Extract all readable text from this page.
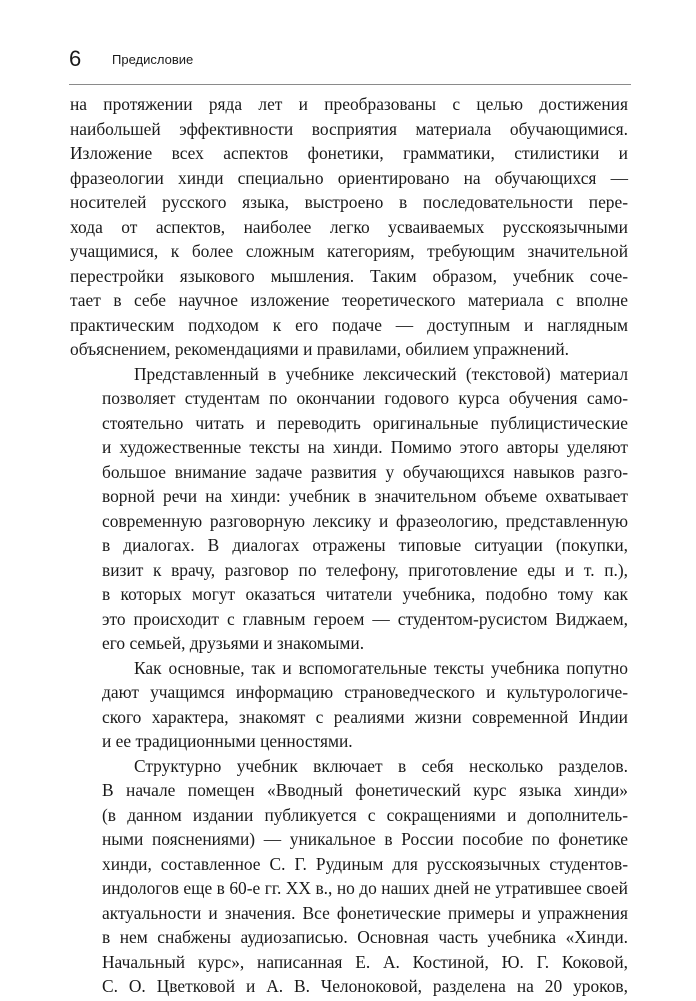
6 Предисловие

на протяжении ряда лет и преобразованы с целью достижения
наибольшей эффективности восприятия материала обучающимися.
Изложение всех аспектов фонетики, грамматики, стилистики и
фразеологии хинди специально ориентировано на обучающихся —
носителей русского языка, выстроено в последовательности пере-
хода от аспектов, наиболее легко усваиваемых русскоязычными
учащимися, к более сложным категориям, требующим значительной
перестройки языкового мышления. Таким образом, учебник соче-
тает в себе научное изложение теоретического материала с вполне
практическим подходом к его подаче — доступным и наглядным
объяснением, рекомендациями и правилами, обилием упражнений.

Представленный в учебнике лексический (текстовой) материал
позволяет студентам по окончании годового курса обучения само-
стоятельно читать и переводить оригинальные публицистические
и художественные тексты на хинди. Помимо этого авторы уделяют
большое внимание задаче развития у обучающихся навыков разго-
ворной речи на хинди: учебник в значительном объеме охватывает
современную разговорную лексику и фразеологию, представленную
в диалогах. В диалогах отражены типовые ситуации (покупки,
визит к врачу, разговор по телефону, приготовление еды и т. п.),
в которых могут оказаться читатели учебника, подобно тому как
это происходит с главным героем — студентом-русистом Виджаем,
его семьей, друзьями и знакомыми.

Как основные, так и вспомогательные тексты учебника попутно
дают учащимся информацию страноведческого и культурологиче-
ского характера, знакомят с реалиями жизни современной Индии
и ее традиционными ценностями.

Структурно учебник включает в себя несколько разделов.
В начале помещен «Вводный фонетический курс языка хинди»
(в данном издании публикуется с сокращениями и дополнитель-
ными пояснениями) — уникальное в России пособие по фонетике
хинди, составленное С. Г. Рудиным для русскоязычных студентов-
индологов еще в 60-е гг. XX в., но до наших дней не утратившее своей
актуальности и значения. Все фонетические примеры и упражнения
в нем снабжены аудиозаписью. Основная часть учебника «Хинди.
Начальный курс», написанная Е. А. Костиной, Ю. Г. Коковой,
С. О. Цветковой и А. В. Челоноковой, разделена на 20 уроков,
